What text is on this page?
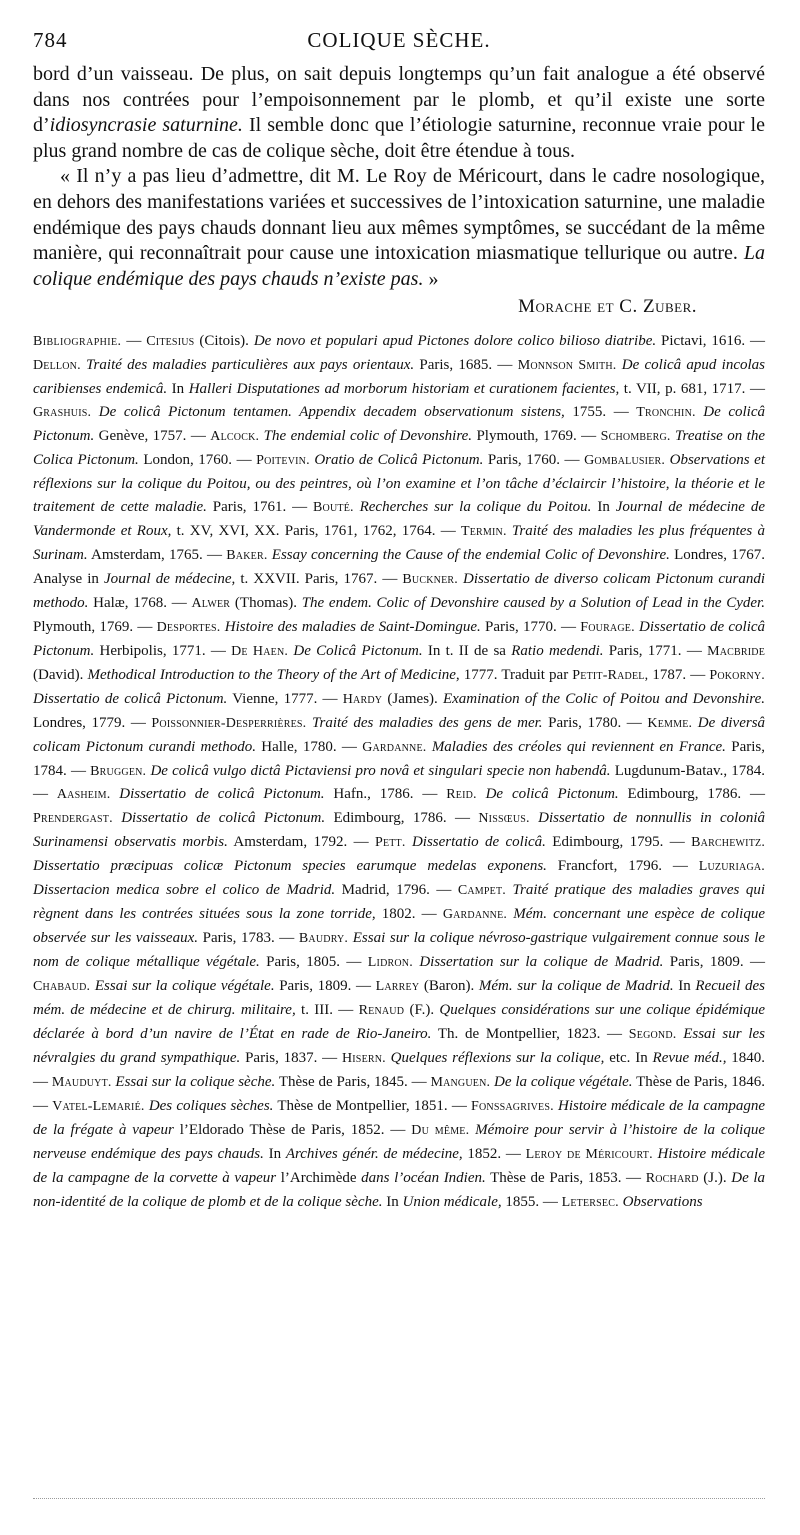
784	COLIQUE SÈCHE.

bord d’un vaisseau. De plus, on sait depuis longtemps qu’un fait analogue a été observé dans nos contrées pour l’empoisonnement par le plomb, et qu’il existe une sorte d’idiosyncrasie saturnine. Il semble donc que l’étiologie saturnine, reconnue vraie pour le plus grand nombre de cas de colique sèche, doit être étendue à tous.

« Il n’y a pas lieu d’admettre, dit M. Le Roy de Méricourt, dans le cadre nosologique, en dehors des manifestations variées et successives de l’intoxication saturnine, une maladie endémique des pays chauds donnant lieu aux mêmes symptômes, se succédant de la même manière, qui reconnaîtrait pour cause une intoxication miasmatique tellurique ou autre. La colique endémique des pays chauds n’existe pas. »

Morache et C. Zuber.
Bibliographie. — Citesius (Citois). De novo et populari apud Pictones dolore colico bilioso diatribe. Pictavi, 1616. — Dellon. Traité des maladies particulières aux pays orientaux. Paris, 1685. — Monnson Smith. De colicâ apud incolas caribienses endemicâ. In Halleri Disputationes ad morborum historiam et curationem facientes, t. VII, p. 681, 1717. — Grashuis. De colicâ Pictonum tentamen. Appendix decadem observationum sistens, 1755. — Tronchin. De colicâ Pictonum. Genève, 1757. — Alcock. The endemial colic of Devonshire. Plymouth, 1769. — Schomberg. Treatise on the Colica Pictonum. London, 1760. — Poitevin. Oratio de Colicâ Pictonum. Paris, 1760. — Gombalusier. Observations et réflexions sur la colique du Poitou, ou des peintres, où l’on examine et l’on tâche d’éclaircir l’histoire, la théorie et le traitement de cette maladie. Paris, 1761. — Bouté. Recherches sur la colique du Poitou. In Journal de médecine de Vandermonde et Roux, t. XV, XVI, XX. Paris, 1761, 1762, 1764. — Termin. Traité des maladies les plus fréquentes à Surinam. Amsterdam, 1765. — Baker. Essay concerning the Cause of the endemial Colic of Devonshire. Londres, 1767. Analyse in Journal de médecine, t. XXVII. Paris, 1767. — Buckner. Dissertatio de diverso colicam Pictonum curandi methodo. Halæ, 1768. — Alwer (Thomas). The endem. Colic of Devonshire caused by a Solution of Lead in the Cyder. Plymouth, 1769. — Desportes. Histoire des maladies de Saint-Domingue. Paris, 1770. — Fourage. Dissertatio de colicâ Pictonum. Herbipolis, 1771. — De Haen. De Colicâ Pictonum. In t. II de sa Ratio medendi. Paris, 1771. — Macbride (David). Methodical Introduction to the Theory of the Art of Medicine, 1777. Traduit par Petit-Radel, 1787. — Pokorny. Dissertatio de colicâ Pictonum. Vienne, 1777. — Hardy (James). Examination of the Colic of Poitou and Devonshire. Londres, 1779. — Poissonnier-Desperrières. Traité des maladies des gens de mer. Paris, 1780. — Kemme. De diversâ colicam Pictonum curandi methodo. Halle, 1780. — Gardanne. Maladies des créoles qui reviennent en France. Paris, 1784. — Bruggen. De colicâ vulgo dictâ Pictaviensi pro novâ et singulari specie non habendâ. Lugdunum-Batav., 1784. — Aasheim. Dissertatio de colicâ Pictonum. Hafn., 1786. — Reid. De colicâ Pictonum. Edimbourg, 1786. — Prendergast. Dissertatio de colicâ Pictonum. Edimbourg, 1786. — Nissœus. Dissertatio de nonnullis in coloniâ Surinamensi observatis morbis. Amsterdam, 1792. — Pett. Dissertatio de colicâ. Edimbourg, 1795. — Barchewitz. Dissertatio præcipuas colicæ Pictonum species earumque medelas exponens. Francfort, 1796. — Luzuriaga. Dissertacion medica sobre el colico de Madrid. Madrid, 1796. — Campet. Traité pratique des maladies graves qui règnent dans les contrées situées sous la zone torride, 1802. — Gardanne. Mém. concernant une espèce de colique observée sur les vaisseaux. Paris, 1783. — Baudry. Essai sur la colique névroso-gastrique vulgairement connue sous le nom de colique métallique végétale. Paris, 1805. — Lidron. Dissertation sur la colique de Madrid. Paris, 1809. — Chabaud. Essai sur la colique végétale. Paris, 1809. — Larrey (Baron). Mém. sur la colique de Madrid. In Recueil des mém. de médecine et de chirurg. militaire, t. III. — Renaud (F.). Quelques considérations sur une colique épidémique déclarée à bord d’un navire de l’État en rade de Rio-Janeiro. Th. de Montpellier, 1823. — Segond. Essai sur les névralgies du grand sympathique. Paris, 1837. — Hisern. Quelques réflexions sur la colique, etc. In Revue méd., 1840. — Mauduyt. Essai sur la colique sèche. Thèse de Paris, 1845. — Manguen. De la colique végétale. Thèse de Paris, 1846. — Vatel-Lemarié. Des coliques sèches. Thèse de Montpellier, 1851. — Fonssagrives. Histoire médicale de la campagne de la frégate à vapeur l’Eldorado Thèse de Paris, 1852. — Du même. Mémoire pour servir à l’histoire de la colique nerveuse endémique des pays chauds. In Archives génér. de médecine, 1852. — Leroy de Méricourt. Histoire médicale de la campagne de la corvette à vapeur l’Archimède dans l’océan Indien. Thèse de Paris, 1853. — Rochard (J.). De la non-identité de la colique de plomb et de la colique sèche. In Union médicale, 1855. — Letersec. Observations
